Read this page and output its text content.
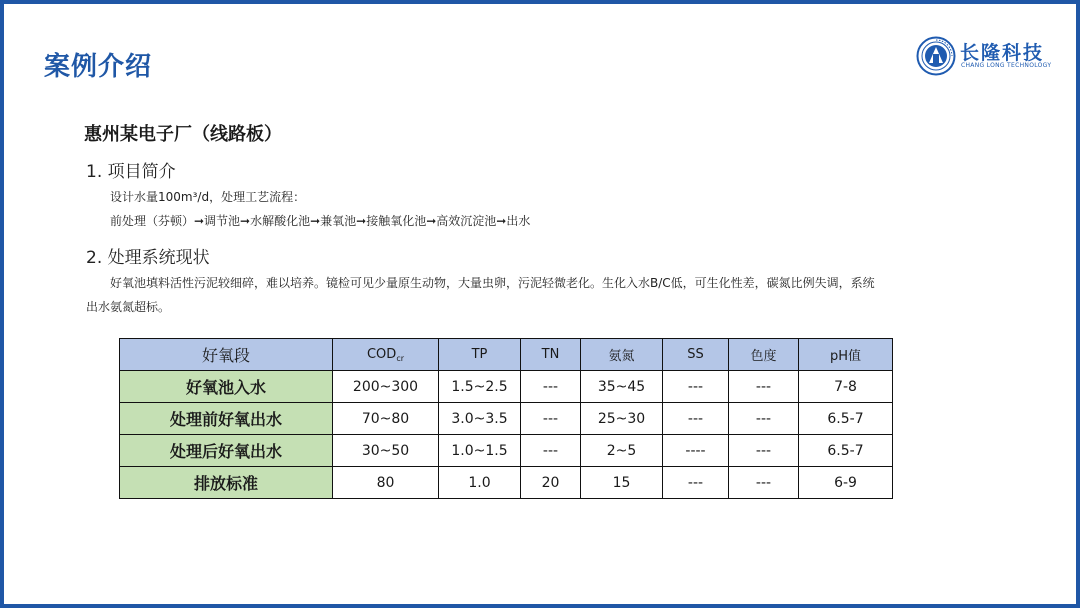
案例介绍	长隆科技
CHANG LONG TECHNOLOGY
惠州某电子厂（线路板）
1. 项目简介
设计水量100m³/d，处理工艺流程：
前处理（芬顿）➞调节池➞水解酸化池➞兼氧池➞接触氧化池➞高效沉淀池➞出水
2. 处理系统现状
好氧池填料活性污泥较细碎，难以培养。镜检可见少量原生动物，大量虫卵，污泥轻微老化。生化入水B/C低，可生化性差，碳氮比例失调，系统
出水氨氮超标。
好氧段	$COD_{cr}$	TP	TN	氨氮	SS	色度	pH值
好氧池入水	200~300	1.5~2.5	---	35~45	---	---	7-8
处理前好氧出水	70~80	3.0~3.5	---	25~30	---	---	6.5-7
处理后好氧出水	30~50	1.0~1.5	---	2~5	----	---	6.5-7
排放标准	80	1.0	20	15	---	---	6-9
